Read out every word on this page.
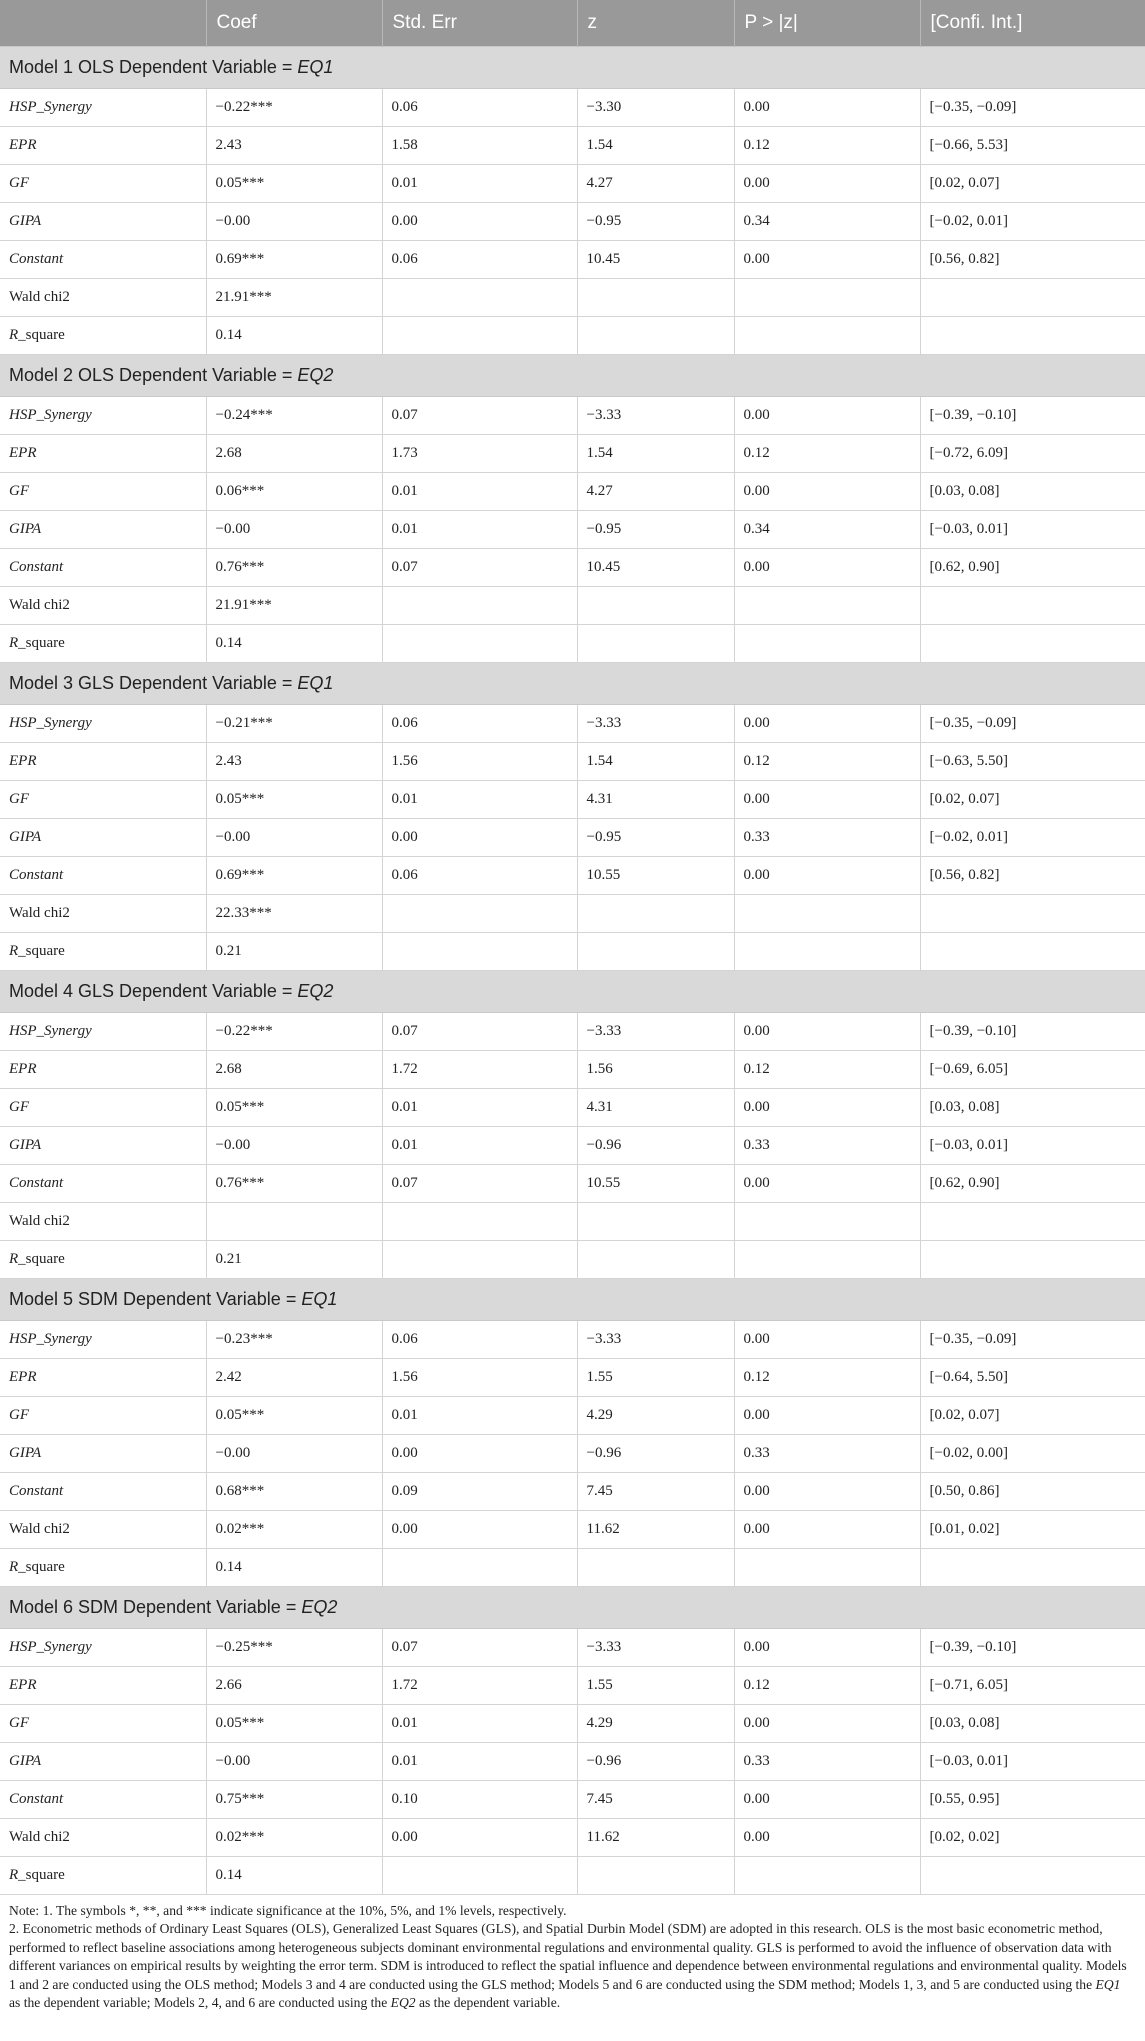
	Coef	Std. Err	z	P > |z|	[Confi. Int.]
Model 1 OLS Dependent Variable = EQ1					
HSP_Synergy	−0.22***	0.06	−3.30	0.00	[−0.35, −0.09]
EPR	2.43	1.58	1.54	0.12	[−0.66, 5.53]
GF	0.05***	0.01	4.27	0.00	[0.02, 0.07]
GIPA	−0.00	0.00	−0.95	0.34	[−0.02, 0.01]
Constant	0.69***	0.06	10.45	0.00	[0.56, 0.82]
Wald chi2	21.91***				
R_square	0.14				
Model 2 OLS Dependent Variable = EQ2					
HSP_Synergy	−0.24***	0.07	−3.33	0.00	[−0.39, −0.10]
EPR	2.68	1.73	1.54	0.12	[−0.72, 6.09]
GF	0.06***	0.01	4.27	0.00	[0.03, 0.08]
GIPA	−0.00	0.01	−0.95	0.34	[−0.03, 0.01]
Constant	0.76***	0.07	10.45	0.00	[0.62, 0.90]
Wald chi2	21.91***				
R_square	0.14				
Model 3 GLS Dependent Variable = EQ1					
HSP_Synergy	−0.21***	0.06	−3.33	0.00	[−0.35, −0.09]
EPR	2.43	1.56	1.54	0.12	[−0.63, 5.50]
GF	0.05***	0.01	4.31	0.00	[0.02, 0.07]
GIPA	−0.00	0.00	−0.95	0.33	[−0.02, 0.01]
Constant	0.69***	0.06	10.55	0.00	[0.56, 0.82]
Wald chi2	22.33***				
R_square	0.21				
Model 4 GLS Dependent Variable = EQ2					
HSP_Synergy	−0.22***	0.07	−3.33	0.00	[−0.39, −0.10]
EPR	2.68	1.72	1.56	0.12	[−0.69, 6.05]
GF	0.05***	0.01	4.31	0.00	[0.03, 0.08]
GIPA	−0.00	0.01	−0.96	0.33	[−0.03, 0.01]
Constant	0.76***	0.07	10.55	0.00	[0.62, 0.90]
Wald chi2					
R_square	0.21				
Model 5 SDM Dependent Variable = EQ1					
HSP_Synergy	−0.23***	0.06	−3.33	0.00	[−0.35, −0.09]
EPR	2.42	1.56	1.55	0.12	[−0.64, 5.50]
GF	0.05***	0.01	4.29	0.00	[0.02, 0.07]
GIPA	−0.00	0.00	−0.96	0.33	[−0.02, 0.00]
Constant	0.68***	0.09	7.45	0.00	[0.50, 0.86]
Wald chi2	0.02***	0.00	11.62	0.00	[0.01, 0.02]
R_square	0.14				
Model 6 SDM Dependent Variable = EQ2					
HSP_Synergy	−0.25***	0.07	−3.33	0.00	[−0.39, −0.10]
EPR	2.66	1.72	1.55	0.12	[−0.71, 6.05]
GF	0.05***	0.01	4.29	0.00	[0.03, 0.08]
GIPA	−0.00	0.01	−0.96	0.33	[−0.03, 0.01]
Constant	0.75***	0.10	7.45	0.00	[0.55, 0.95]
Wald chi2	0.02***	0.00	11.62	0.00	[0.02, 0.02]
R_square	0.14				

Note: 1. The symbols *, **, and *** indicate significance at the 10%, 5%, and 1% levels, respectively.

2. Econometric methods of Ordinary Least Squares (OLS), Generalized Least Squares (GLS), and Spatial Durbin Model (SDM) are adopted in this research. OLS is the most basic econometric method, performed to reflect baseline associations among heterogeneous subjects dominant environmental regulations and environmental quality. GLS is performed to avoid the influence of observation data with different variances on empirical results by weighting the error term. SDM is introduced to reflect the spatial influence and dependence between environmental regulations and environmental quality. Models 1 and 2 are conducted using the OLS method; Models 3 and 4 are conducted using the GLS method; Models 5 and 6 are conducted using the SDM method; Models 1, 3, and 5 are conducted using the EQ1 as the dependent variable; Models 2, 4, and 6 are conducted using the EQ2 as the dependent variable.
